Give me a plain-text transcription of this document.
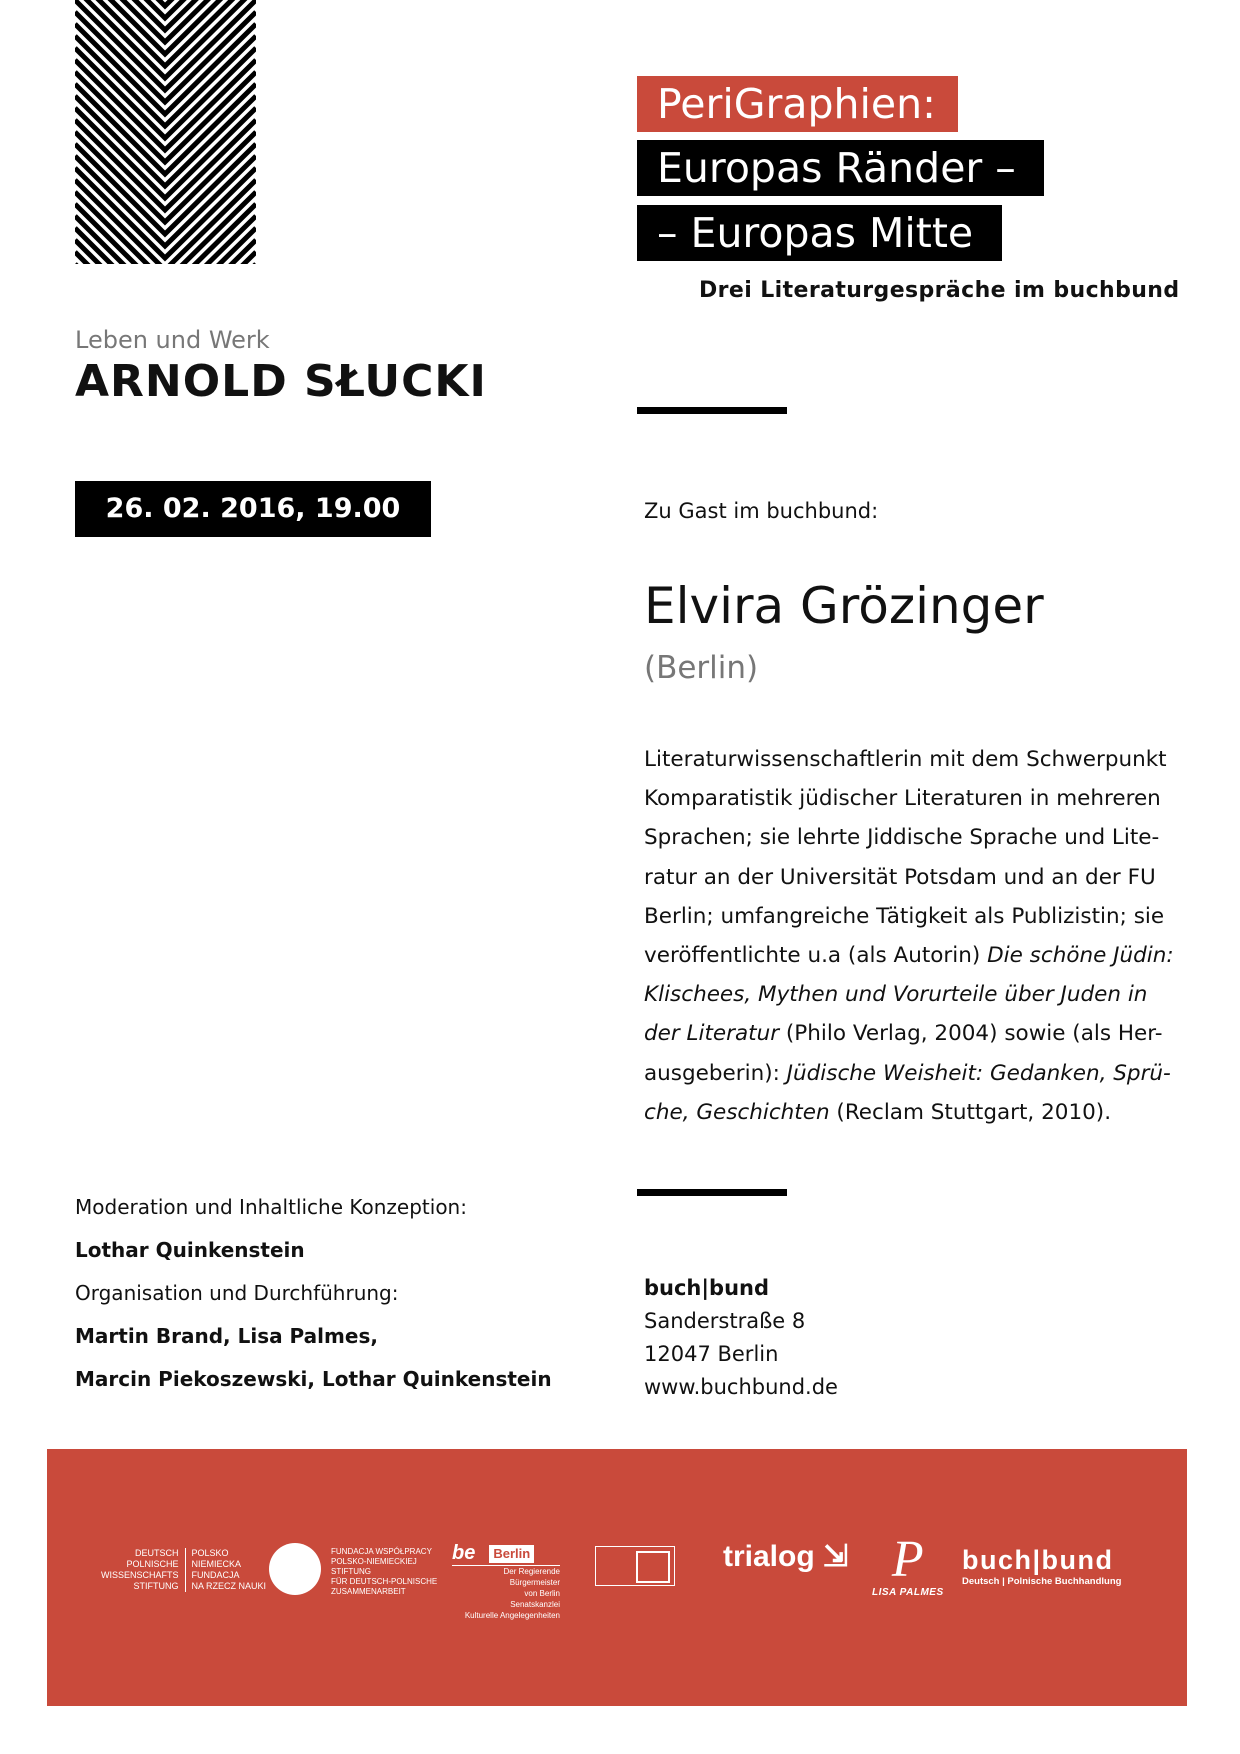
PeriGraphien:
Europas Ränder –
– Europas Mitte
Drei Literaturgespräche im buchbund
Leben und Werk
ARNOLD SŁUCKI
26. 02. 2016, 19.00	Zu Gast im buchbund:
Elvira Grözinger
(Berlin)
Literaturwissenschaftlerin mit dem Schwerpunkt
Komparatistik jüdischer Literaturen in mehreren
Sprachen; sie lehrte Jiddische Sprache und Lite-
ratur an der Universität Potsdam und an der FU
Berlin; umfangreiche Tätigkeit als Publizistin; sie
veröffentlichte u.a (als Autorin) Die schöne Jüdin:
Klischees, Mythen und Vorurteile über Juden in
der Literatur (Philo Verlag, 2004) sowie (als Her-
ausgeberin): Jüdische Weisheit: Gedanken, Sprü-
che, Geschichten (Reclam Stuttgart, 2010).
Moderation und Inhaltliche Konzeption:
Lothar Quinkenstein
Organisation und Durchführung:
Martin Brand, Lisa Palmes,
Marcin Piekoszewski, Lothar Quinkenstein
buch|bund
Sanderstraße 8
12047 Berlin
www.buchbund.de
DEUTSCH
POLNISCHE
WISSENSCHAFTS
STIFTUNG
POLSKO
NIEMIECKA
FUNDACJA
NA RZECZ NAUKI
FUNDACJA WSPÓŁPRACY
POLSKO-NIEMIECKIEJ
STIFTUNG
FÜR DEUTSCH-POLNISCHE
ZUSAMMENARBEIT
be Berlin
Der Regierende Bürgermeister
von Berlin
Senatskanzlei
Kulturelle Angelegenheiten
trialog ⇲ P
LISA PALMES
buch|bund
Deutsch | Polnische Buchhandlung
